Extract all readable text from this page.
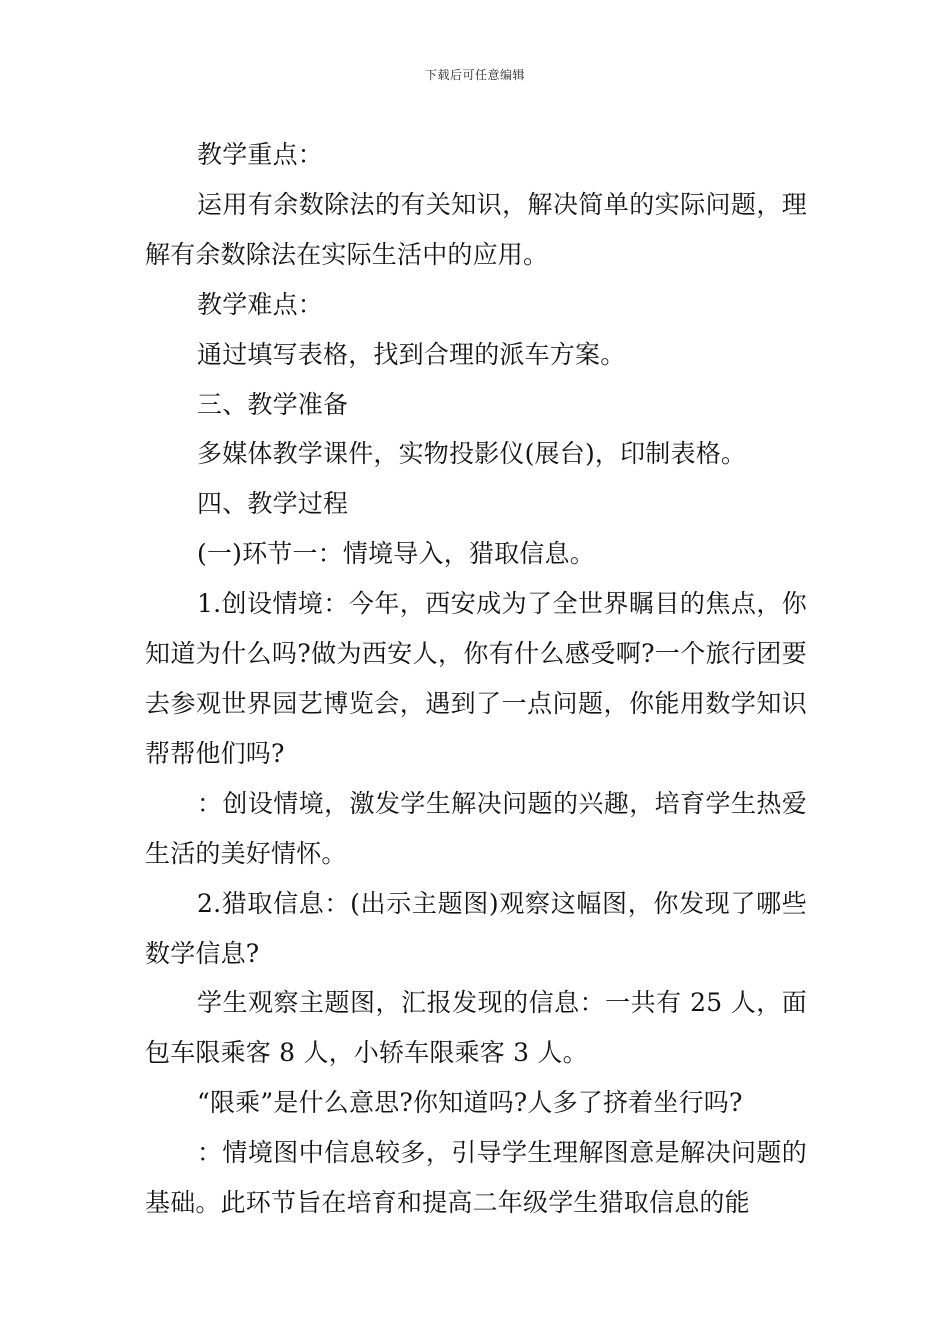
下载后可任意编辑

教学重点：

运用有余数除法的有关知识，解决简单的实际问题，理解有余数除法在实际生活中的应用。

教学难点：

通过填写表格，找到合理的派车方案。

三、教学准备

多媒体教学课件，实物投影仪(展台)，印制表格。

四、教学过程

(一)环节一：情境导入，猎取信息。

1.创设情境：今年，西安成为了全世界瞩目的焦点，你知道为什么吗?做为西安人，你有什么感受啊?一个旅行团要去参观世界园艺博览会，遇到了一点问题，你能用数学知识帮帮他们吗?

：创设情境，激发学生解决问题的兴趣，培育学生热爱生活的美好情怀。

2.猎取信息：(出示主题图)观察这幅图，你发现了哪些数学信息?

学生观察主题图，汇报发现的信息：一共有 25 人，面包车限乘客 8 人，小轿车限乘客 3 人。

“限乘”是什么意思?你知道吗?人多了挤着坐行吗?

：情境图中信息较多，引导学生理解图意是解决问题的基础。此环节旨在培育和提高二年级学生猎取信息的能
